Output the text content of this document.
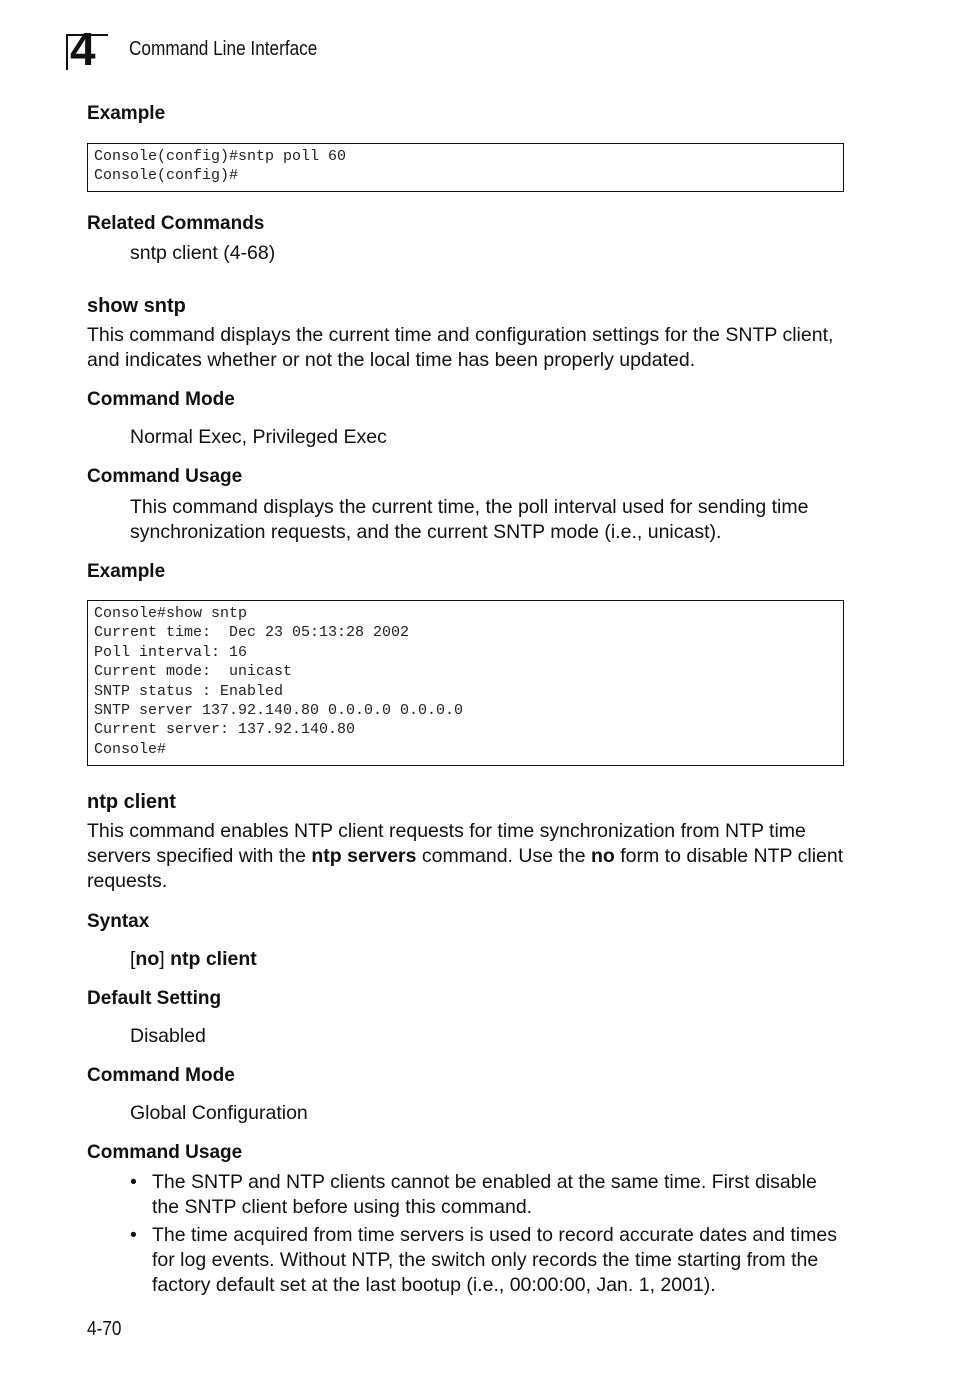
4 Command Line Interface
Example
Console(config)#sntp poll 60
Console(config)#
Related Commands
sntp client (4-68)
show sntp
This command displays the current time and configuration settings for the SNTP client, and indicates whether or not the local time has been properly updated.
Command Mode
Normal Exec, Privileged Exec
Command Usage
This command displays the current time, the poll interval used for sending time synchronization requests, and the current SNTP mode (i.e., unicast).
Example
Console#show sntp
Current time:  Dec 23 05:13:28 2002
Poll interval: 16
Current mode:  unicast
SNTP status : Enabled
SNTP server 137.92.140.80 0.0.0.0 0.0.0.0
Current server: 137.92.140.80
Console#
ntp client
This command enables NTP client requests for time synchronization from NTP time servers specified with the ntp servers command. Use the no form to disable NTP client requests.
Syntax
[no] ntp client
Default Setting
Disabled
Command Mode
Global Configuration
Command Usage
• The SNTP and NTP clients cannot be enabled at the same time. First disable the SNTP client before using this command.
• The time acquired from time servers is used to record accurate dates and times for log events. Without NTP, the switch only records the time starting from the factory default set at the last bootup (i.e., 00:00:00, Jan. 1, 2001).
4-70
